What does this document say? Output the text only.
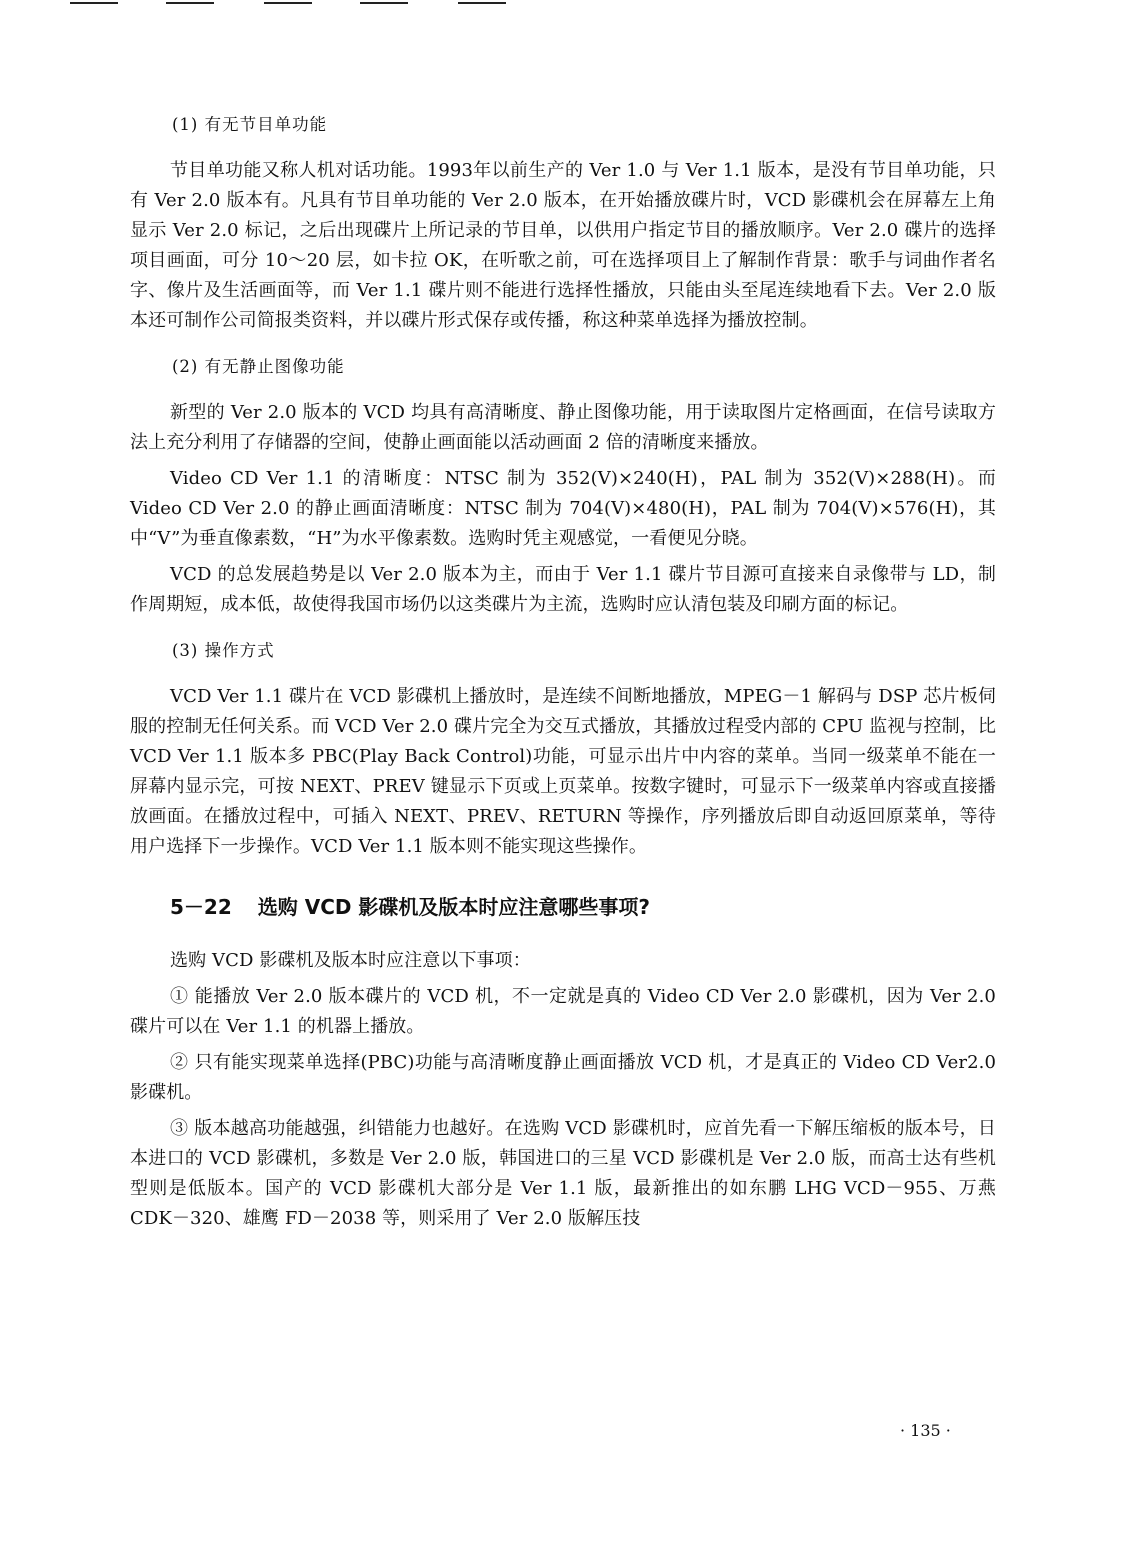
(1) 有无节目单功能

节目单功能又称人机对话功能。1993年以前生产的 Ver 1.0 与 Ver 1.1 版本，是没有节目单功能，只有 Ver 2.0 版本有。凡具有节目单功能的 Ver 2.0 版本，在开始播放碟片时，VCD 影碟机会在屏幕左上角显示 Ver 2.0 标记，之后出现碟片上所记录的节目单，以供用户指定节目的播放顺序。Ver 2.0 碟片的选择项目画面，可分 10～20 层，如卡拉 OK，在听歌之前，可在选择项目上了解制作背景：歌手与词曲作者名字、像片及生活画面等，而 Ver 1.1 碟片则不能进行选择性播放，只能由头至尾连续地看下去。Ver 2.0 版本还可制作公司简报类资料，并以碟片形式保存或传播，称这种菜单选择为播放控制。

(2) 有无静止图像功能

新型的 Ver 2.0 版本的 VCD 均具有高清晰度、静止图像功能，用于读取图片定格画面，在信号读取方法上充分利用了存储器的空间，使静止画面能以活动画面 2 倍的清晰度来播放。

Video CD Ver 1.1 的清晰度：NTSC 制为 352(V)×240(H)，PAL 制为 352(V)×288(H)。而 Video CD Ver 2.0 的静止画面清晰度：NTSC 制为 704(V)×480(H)，PAL 制为 704(V)×576(H)，其中“V”为垂直像素数，“H”为水平像素数。选购时凭主观感觉，一看便见分晓。

VCD 的总发展趋势是以 Ver 2.0 版本为主，而由于 Ver 1.1 碟片节目源可直接来自录像带与 LD，制作周期短，成本低，故使得我国市场仍以这类碟片为主流，选购时应认清包装及印刷方面的标记。

(3) 操作方式

VCD Ver 1.1 碟片在 VCD 影碟机上播放时，是连续不间断地播放，MPEG－1 解码与 DSP 芯片板伺服的控制无任何关系。而 VCD Ver 2.0 碟片完全为交互式播放，其播放过程受内部的 CPU 监视与控制，比 VCD Ver 1.1 版本多 PBC(Play Back Control)功能，可显示出片中内容的菜单。当同一级菜单不能在一屏幕内显示完，可按 NEXT、PREV 键显示下页或上页菜单。按数字键时，可显示下一级菜单内容或直接播放画面。在播放过程中，可插入 NEXT、PREV、RETURN 等操作，序列播放后即自动返回原菜单，等待用户选择下一步操作。VCD Ver 1.1 版本则不能实现这些操作。

5－22 选购 VCD 影碟机及版本时应注意哪些事项?

选购 VCD 影碟机及版本时应注意以下事项：

① 能播放 Ver 2.0 版本碟片的 VCD 机，不一定就是真的 Video CD Ver 2.0 影碟机，因为 Ver 2.0 碟片可以在 Ver 1.1 的机器上播放。

② 只有能实现菜单选择(PBC)功能与高清晰度静止画面播放 VCD 机，才是真正的 Video CD Ver2.0 影碟机。

③ 版本越高功能越强，纠错能力也越好。在选购 VCD 影碟机时，应首先看一下解压缩板的版本号，日本进口的 VCD 影碟机，多数是 Ver 2.0 版，韩国进口的三星 VCD 影碟机是 Ver 2.0 版，而高士达有些机型则是低版本。国产的 VCD 影碟机大部分是 Ver 1.1 版，最新推出的如东鹏 LHG VCD－955、万燕 CDK－320、雄鹰 FD－2038 等，则采用了 Ver 2.0 版解压技

· 135 ·
